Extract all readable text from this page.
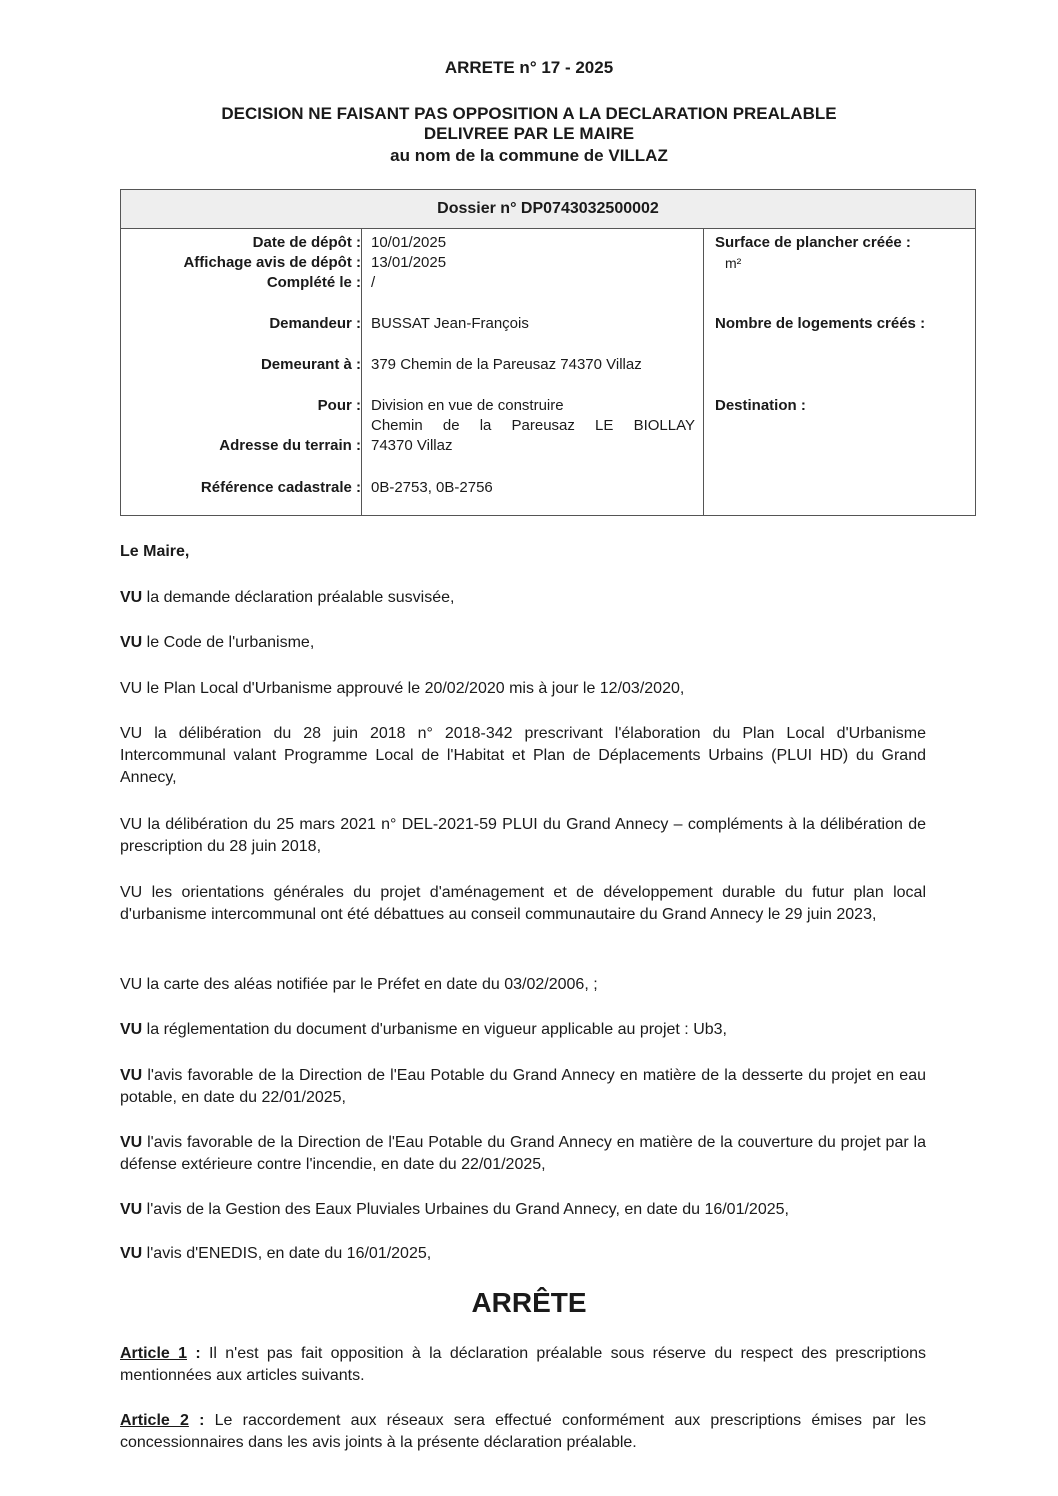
ARRETE n° 17 - 2025
DECISION NE FAISANT PAS OPPOSITION A LA DECLARATION PREALABLE
DELIVREE PAR LE MAIRE
au nom de la commune de VILLAZ
Dossier n° DP0743032500002
Date de dépôt :
Affichage avis de dépôt :
Complété le :
Demandeur :
Demeurant à :
Pour :
Adresse du terrain :
Référence cadastrale :
10/01/2025
13/01/2025
/
BUSSAT Jean-François
379 Chemin de la Pareusaz 74370 Villaz
Division en vue de construire
Chemin de la Pareusaz LE BIOLLAY
74370 Villaz
0B-2753, 0B-2756
Surface de plancher créée :
m²
Nombre de logements créés :
Destination :
Le Maire,
VU la demande déclaration préalable susvisée,
VU le Code de l'urbanisme,
VU le Plan Local d'Urbanisme approuvé le 20/02/2020 mis à jour le 12/03/2020,
VU la délibération du 28 juin 2018 n° 2018-342 prescrivant l'élaboration du Plan Local d'Urbanisme Intercommunal valant Programme Local de l'Habitat et Plan de Déplacements Urbains (PLUI HD) du Grand Annecy,
VU la délibération du 25 mars 2021 n° DEL-2021-59 PLUI du Grand Annecy – compléments à la délibération de prescription du 28 juin 2018,
VU les orientations générales du projet d'aménagement et de développement durable du futur plan local d'urbanisme intercommunal ont été débattues au conseil communautaire du Grand Annecy le 29 juin 2023,
VU la carte des aléas notifiée par le Préfet en date du 03/02/2006, ;
VU la réglementation du document d'urbanisme en vigueur applicable au projet : Ub3,
VU l'avis favorable de la Direction de l'Eau Potable du Grand Annecy en matière de la desserte du projet en eau potable, en date du 22/01/2025,
VU l'avis favorable de la Direction de l'Eau Potable du Grand Annecy en matière de la couverture du projet par la défense extérieure contre l'incendie, en date du 22/01/2025,
VU l'avis de la Gestion des Eaux Pluviales Urbaines du Grand Annecy, en date du 16/01/2025,
VU l'avis d'ENEDIS, en date du 16/01/2025,
ARRÊTE
Article 1 : Il n'est pas fait opposition à la déclaration préalable sous réserve du respect des prescriptions mentionnées aux articles suivants.
Article 2 : Le raccordement aux réseaux sera effectué conformément aux prescriptions émises par les concessionnaires dans les avis joints à la présente déclaration préalable.
